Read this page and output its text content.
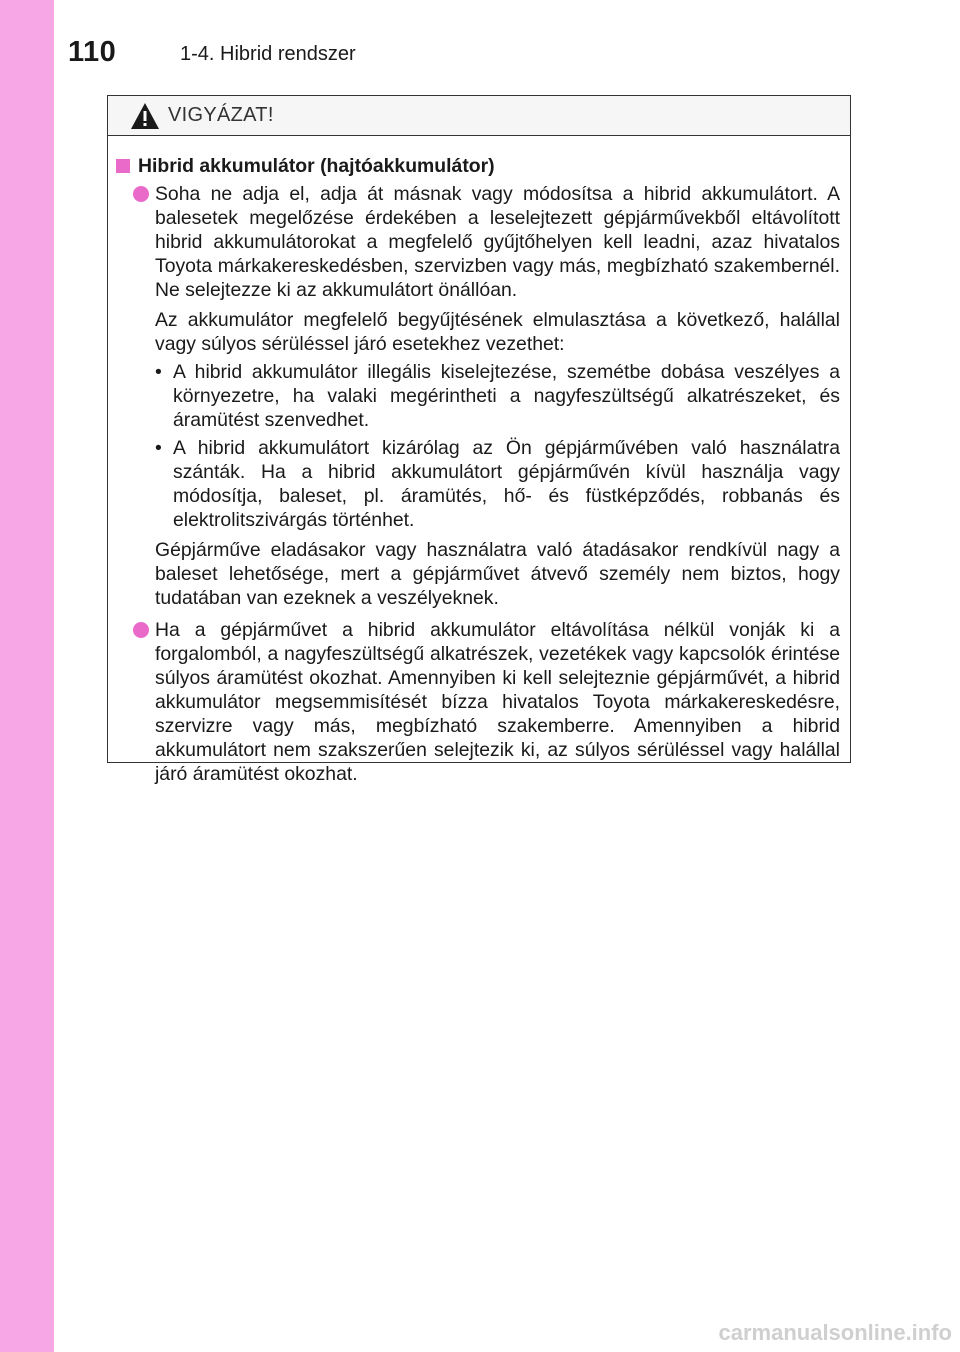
110	1-4. Hibrid rendszer
VIGYÁZAT!
Hibrid akkumulátor (hajtóakkumulátor)
Soha ne adja el, adja át másnak vagy módosítsa a hibrid akkumulátort. A balesetek megelőzése érdekében a leselejtezett gépjárművekből eltávolított hibrid akkumulátorokat a megfelelő gyűjtőhelyen kell leadni, azaz hivatalos Toyota márkakereskedésben, szervizben vagy más, megbízható szakembernél. Ne selejtezze ki az akkumulátort önállóan.
Az akkumulátor megfelelő begyűjtésének elmulasztása a következő, halállal vagy súlyos sérüléssel járó esetekhez vezethet:
• A hibrid akkumulátor illegális kiselejtezése, szemétbe dobása veszélyes a környezetre, ha valaki megérintheti a nagyfeszültségű alkatrészeket, és áramütést szenvedhet.
• A hibrid akkumulátort kizárólag az Ön gépjárművében való használatra szánták. Ha a hibrid akkumulátort gépjárművén kívül használja vagy módosítja, baleset, pl. áramütés, hő- és füstképződés, robbanás és elektrolitszivárgás történhet.
Gépjárműve eladásakor vagy használatra való átadásakor rendkívül nagy a baleset lehetősége, mert a gépjárművet átvevő személy nem biztos, hogy tudatában van ezeknek a veszélyeknek.
Ha a gépjárművet a hibrid akkumulátor eltávolítása nélkül vonják ki a forgalomból, a nagyfeszültségű alkatrészek, vezetékek vagy kapcsolók érintése súlyos áramütést okozhat. Amennyiben ki kell selejteznie gépjárművét, a hibrid akkumulátor megsemmisítését bízza hivatalos Toyota márkakereskedésre, szervizre vagy más, megbízható szakemberre. Amennyiben a hibrid akkumulátort nem szakszerűen selejtezik ki, az súlyos sérüléssel vagy halállal járó áramütést okozhat.
carmanualsonline.info
